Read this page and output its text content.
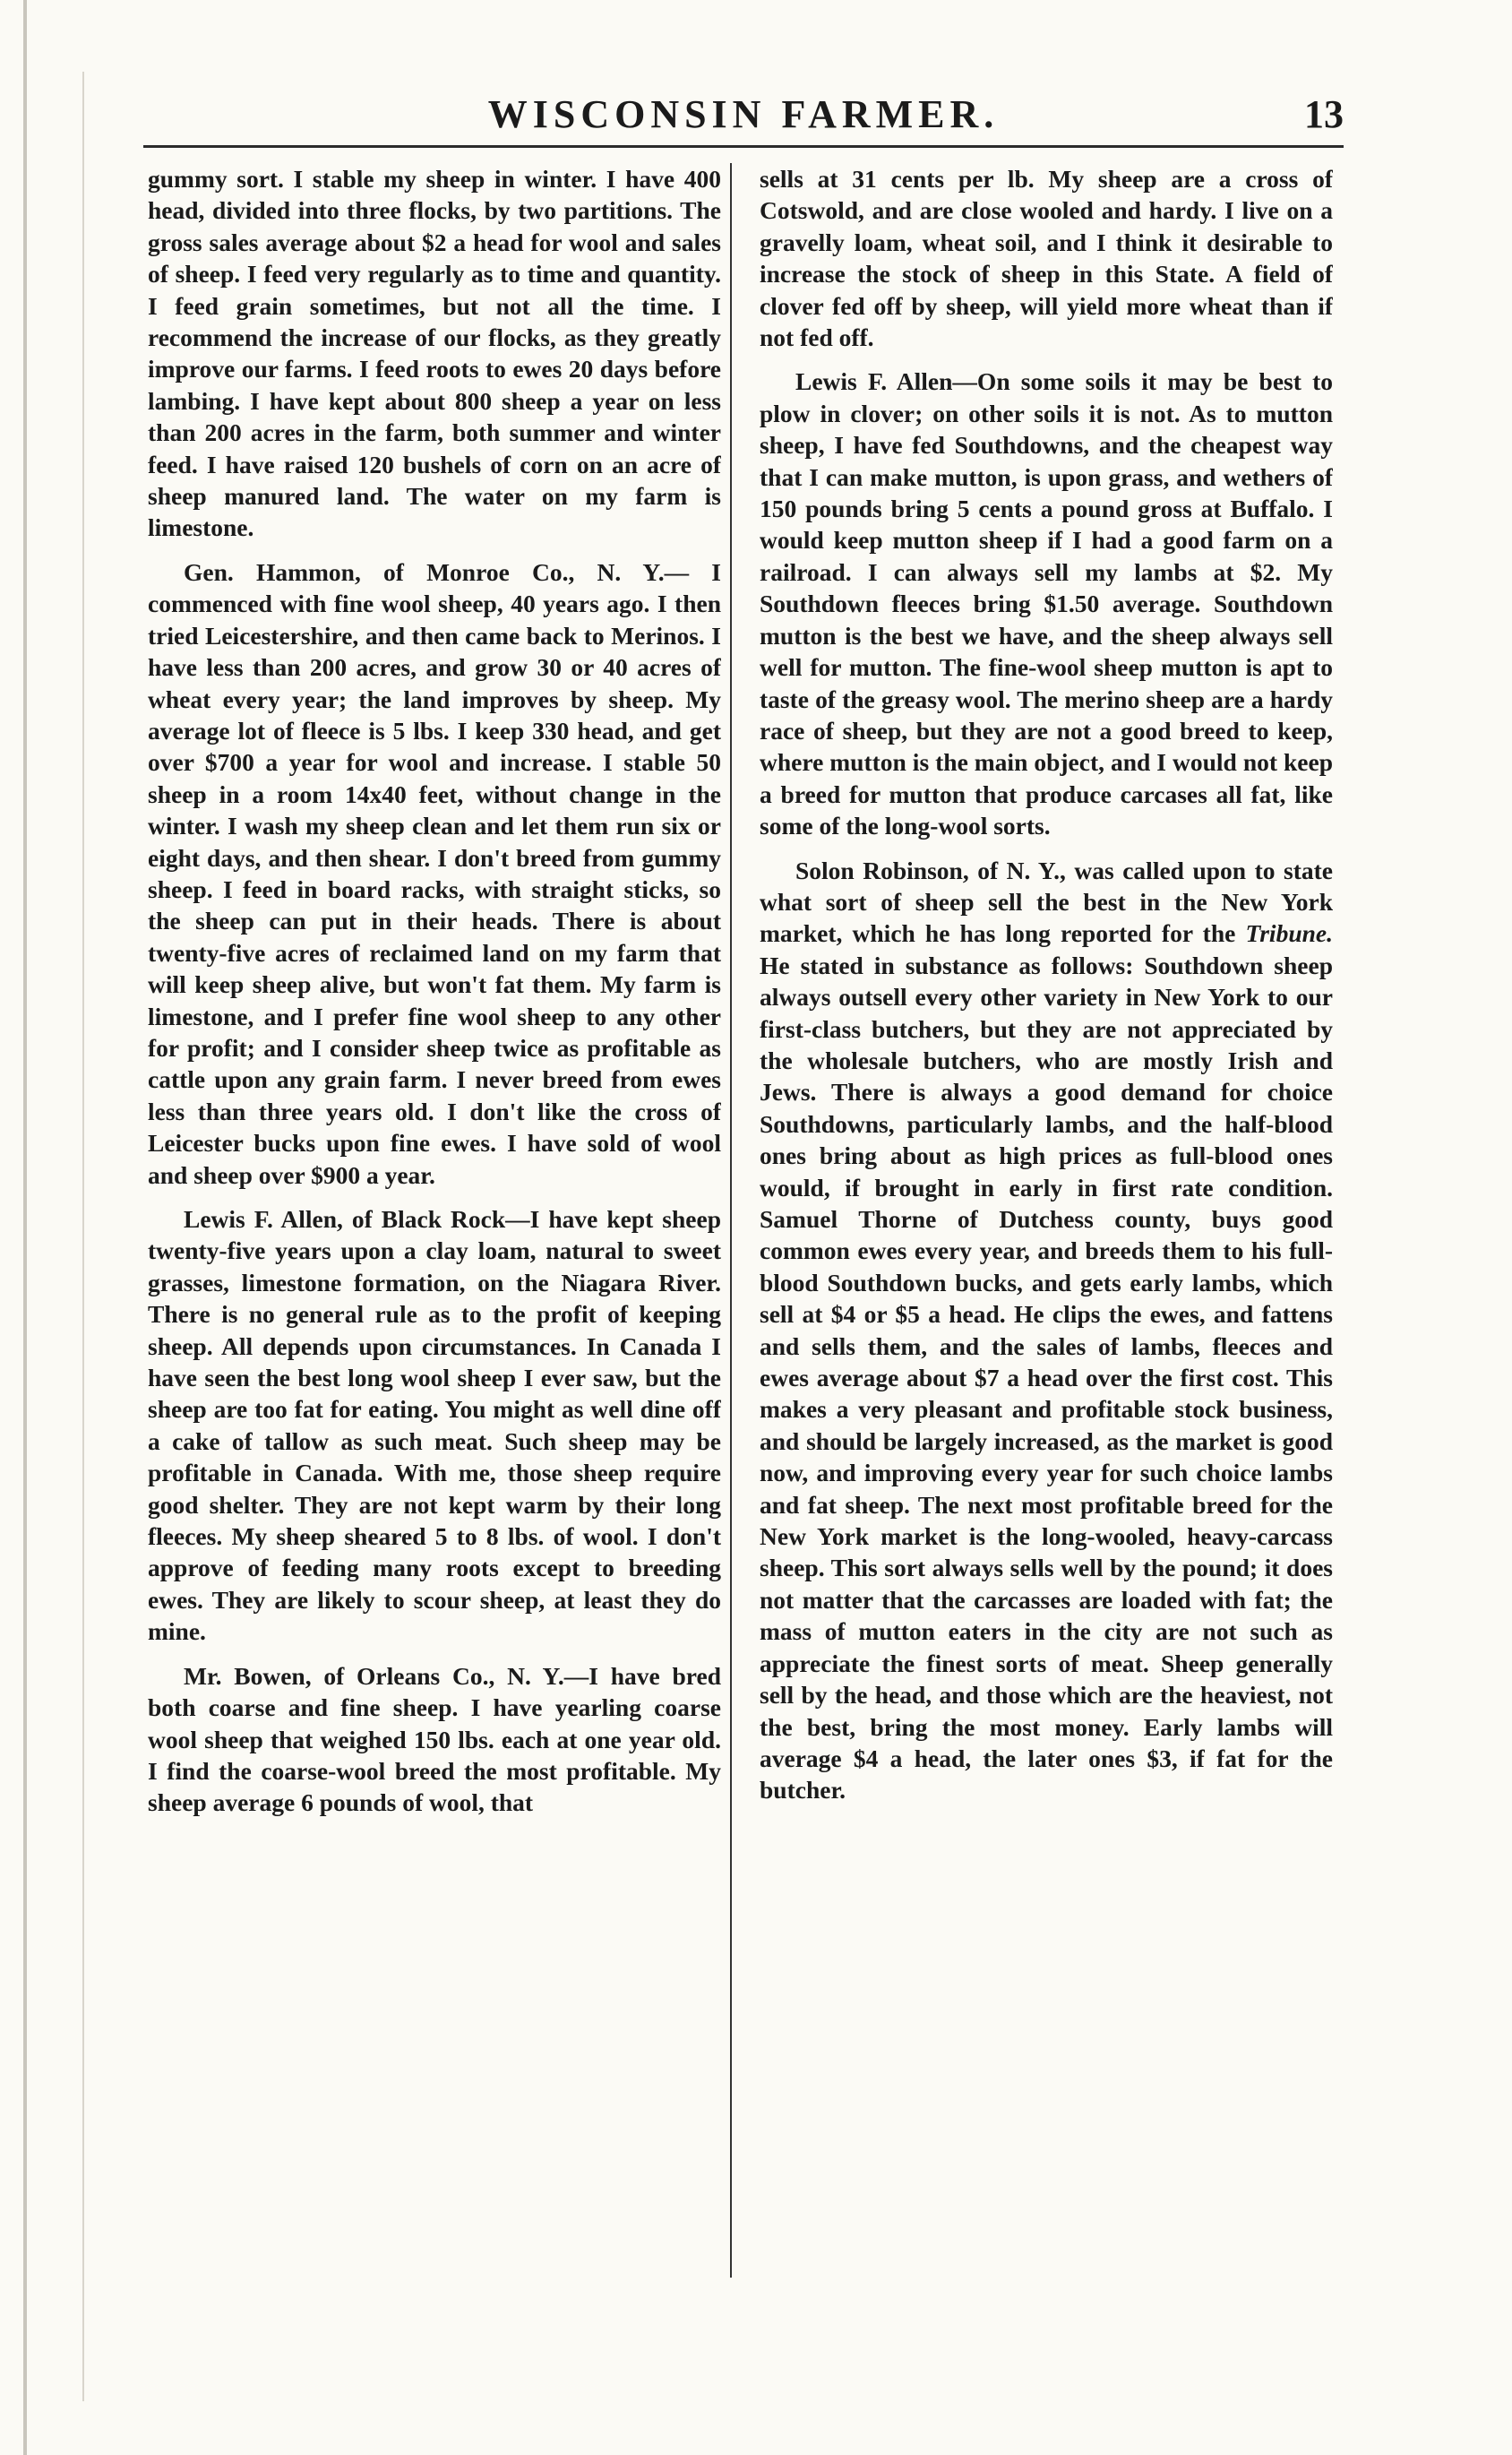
WISCONSIN FARMER.	13

gummy sort. I stable my sheep in winter. I have 400 head, divided into three flocks, by two partitions. The gross sales average about $2 a head for wool and sales of sheep. I feed very regularly as to time and quantity. I feed grain sometimes, but not all the time. I recommend the increase of our flocks, as they greatly improve our farms. I feed roots to ewes 20 days before lambing. I have kept about 800 sheep a year on less than 200 acres in the farm, both summer and winter feed. I have raised 120 bushels of corn on an acre of sheep manured land. The water on my farm is limestone.

Gen. Hammon, of Monroe Co., N. Y.— I commenced with fine wool sheep, 40 years ago. I then tried Leicestershire, and then came back to Merinos. I have less than 200 acres, and grow 30 or 40 acres of wheat every year; the land improves by sheep. My average lot of fleece is 5 lbs. I keep 330 head, and get over $700 a year for wool and increase. I stable 50 sheep in a room 14x40 feet, without change in the winter. I wash my sheep clean and let them run six or eight days, and then shear. I don't breed from gummy sheep. I feed in board racks, with straight sticks, so the sheep can put in their heads. There is about twenty-five acres of reclaimed land on my farm that will keep sheep alive, but won't fat them. My farm is limestone, and I prefer fine wool sheep to any other for profit; and I consider sheep twice as profitable as cattle upon any grain farm. I never breed from ewes less than three years old. I don't like the cross of Leicester bucks upon fine ewes. I have sold of wool and sheep over $900 a year.

Lewis F. Allen, of Black Rock—I have kept sheep twenty-five years upon a clay loam, natural to sweet grasses, limestone formation, on the Niagara River. There is no general rule as to the profit of keeping sheep. All depends upon circumstances. In Canada I have seen the best long wool sheep I ever saw, but the sheep are too fat for eating. You might as well dine off a cake of tallow as such meat. Such sheep may be profitable in Canada. With me, those sheep require good shelter. They are not kept warm by their long fleeces. My sheep sheared 5 to 8 lbs. of wool. I don't approve of feeding many roots except to breeding ewes. They are likely to scour sheep, at least they do mine.

Mr. Bowen, of Orleans Co., N. Y.—I have bred both coarse and fine sheep. I have yearling coarse wool sheep that weighed 150 lbs. each at one year old. I find the coarse-wool breed the most profitable. My sheep average 6 pounds of wool, that

sells at 31 cents per lb. My sheep are a cross of Cotswold, and are close wooled and hardy. I live on a gravelly loam, wheat soil, and I think it desirable to increase the stock of sheep in this State. A field of clover fed off by sheep, will yield more wheat than if not fed off.

Lewis F. Allen—On some soils it may be best to plow in clover; on other soils it is not. As to mutton sheep, I have fed Southdowns, and the cheapest way that I can make mutton, is upon grass, and wethers of 150 pounds bring 5 cents a pound gross at Buffalo. I would keep mutton sheep if I had a good farm on a railroad. I can always sell my lambs at $2. My Southdown fleeces bring $1.50 average. Southdown mutton is the best we have, and the sheep always sell well for mutton. The fine-wool sheep mutton is apt to taste of the greasy wool. The merino sheep are a hardy race of sheep, but they are not a good breed to keep, where mutton is the main object, and I would not keep a breed for mutton that produce carcases all fat, like some of the long-wool sorts.

Solon Robinson, of N. Y., was called upon to state what sort of sheep sell the best in the New York market, which he has long reported for the Tribune. He stated in substance as follows: Southdown sheep always outsell every other variety in New York to our first-class butchers, but they are not appreciated by the wholesale butchers, who are mostly Irish and Jews. There is always a good demand for choice Southdowns, particularly lambs, and the half-blood ones bring about as high prices as full-blood ones would, if brought in early in first rate condition. Samuel Thorne of Dutchess county, buys good common ewes every year, and breeds them to his full-blood Southdown bucks, and gets early lambs, which sell at $4 or $5 a head. He clips the ewes, and fattens and sells them, and the sales of lambs, fleeces and ewes average about $7 a head over the first cost. This makes a very pleasant and profitable stock business, and should be largely increased, as the market is good now, and improving every year for such choice lambs and fat sheep. The next most profitable breed for the New York market is the long-wooled, heavy-carcass sheep. This sort always sells well by the pound; it does not matter that the carcasses are loaded with fat; the mass of mutton eaters in the city are not such as appreciate the finest sorts of meat. Sheep generally sell by the head, and those which are the heaviest, not the best, bring the most money. Early lambs will average $4 a head, the later ones $3, if fat for the butcher.
